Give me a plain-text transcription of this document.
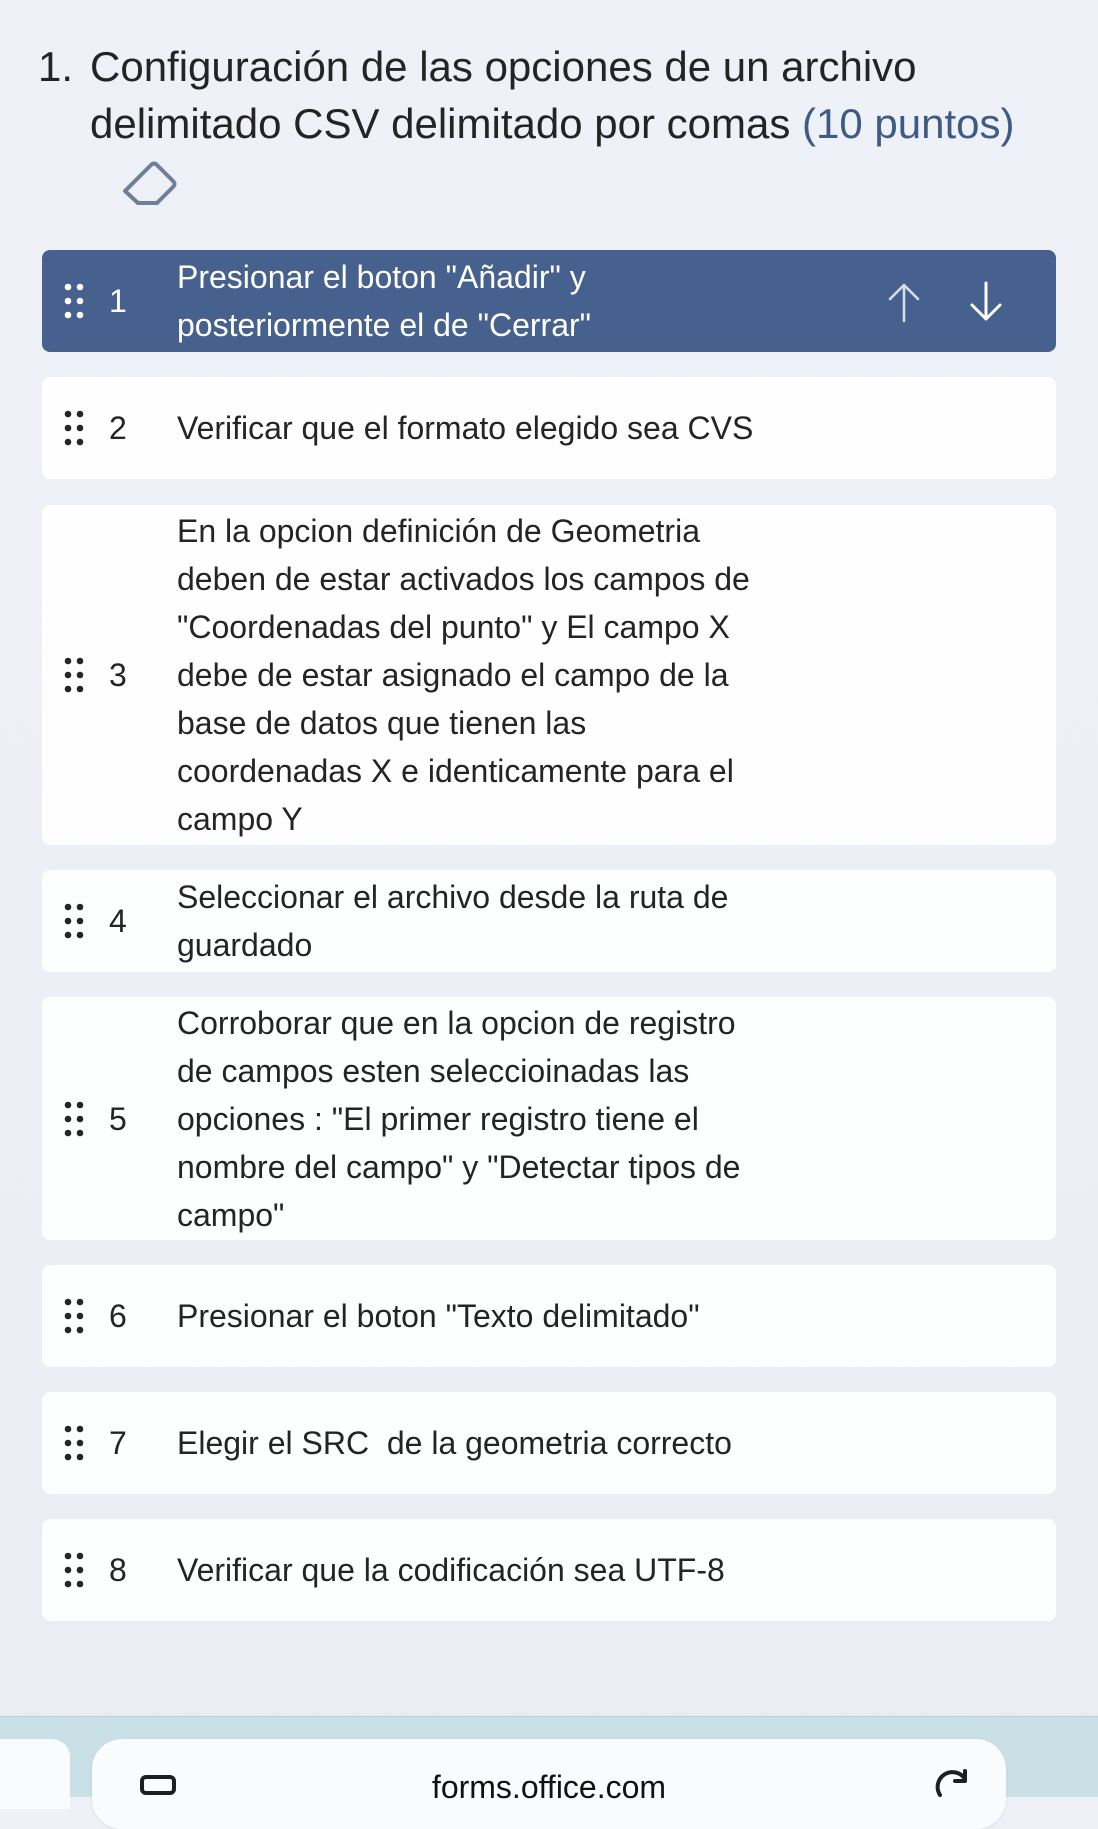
1. Configuración de las opciones de un archivo delimitado CSV delimitado por comas (10 puntos)
1
Presionar el boton "Añadir" y
posteriormente el de "Cerrar"
2	Verificar que el formato elegido sea CVS
3
En la opcion definición de Geometria
deben de estar activados los campos de
"Coordenadas del punto" y El campo X
debe de estar asignado el campo de la
base de datos que tienen las
coordenadas X e identicamente para el
campo Y
4
Seleccionar el archivo desde la ruta de
guardado
5
Corroborar que en la opcion de registro
de campos esten seleccioinadas las
opciones : "El primer registro tiene el
nombre del campo" y "Detectar tipos de
campo"
6	Presionar el boton "Texto delimitado"
7	Elegir el SRC  de la geometria correcto
8	Verificar que la codificación sea UTF-8
forms.office.com
